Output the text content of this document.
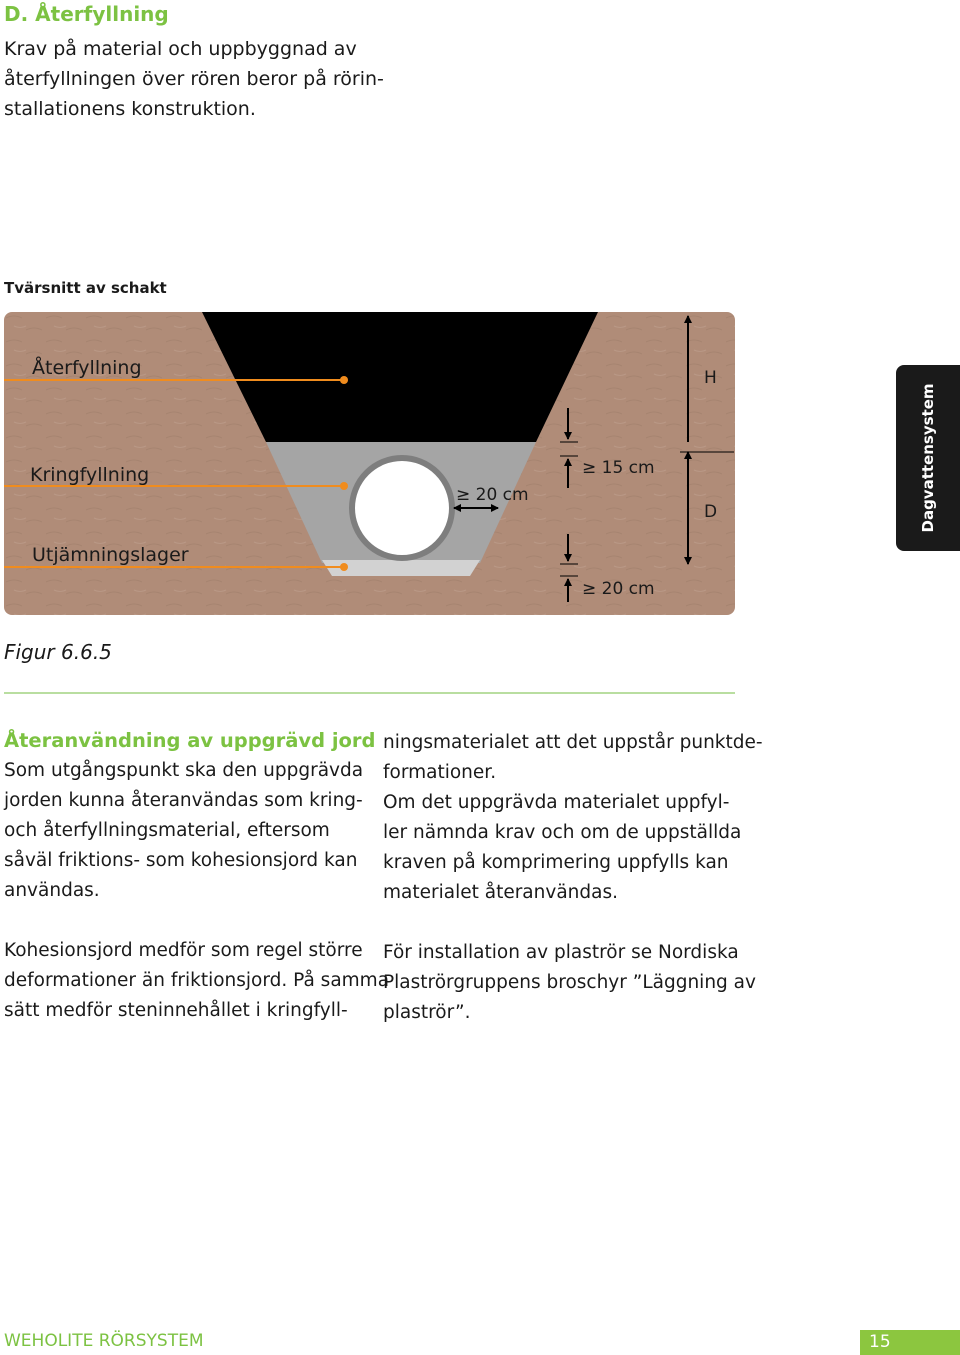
D. Återfyllning
Krav på material och uppbyggnad av
återfyllningen över rören beror på rörin-
stallationens konstruktion.
Tvärsnitt av schakt
Återfyllning
Kringfyllning
Utjämningslager
H
D
≥ 15 cm
≥ 20 cm
≥ 20 cm
Figur 6.6.5
Återanvändning av uppgrävd jord
Som utgångspunkt ska den uppgrävda
jorden kunna återanvändas som kring-
och återfyllningsmaterial, eftersom
såväl friktions- som kohesionsjord kan
användas.
Kohesionsjord medför som regel större
deformationer än friktionsjord. På samma
sätt medför steninnehållet i kringfyll-
ningsmaterialet att det uppstår punktde-
formationer.
Om det uppgrävda materialet uppfyl-
ler nämnda krav och om de uppställda
kraven på komprimering uppfylls kan
materialet återanvändas.
För installation av plaströr se Nordiska
Plaströrgruppens broschyr ”Läggning av
plaströr”.
Dagvattensystem
WEHOLITE RÖRSYSTEM	15
